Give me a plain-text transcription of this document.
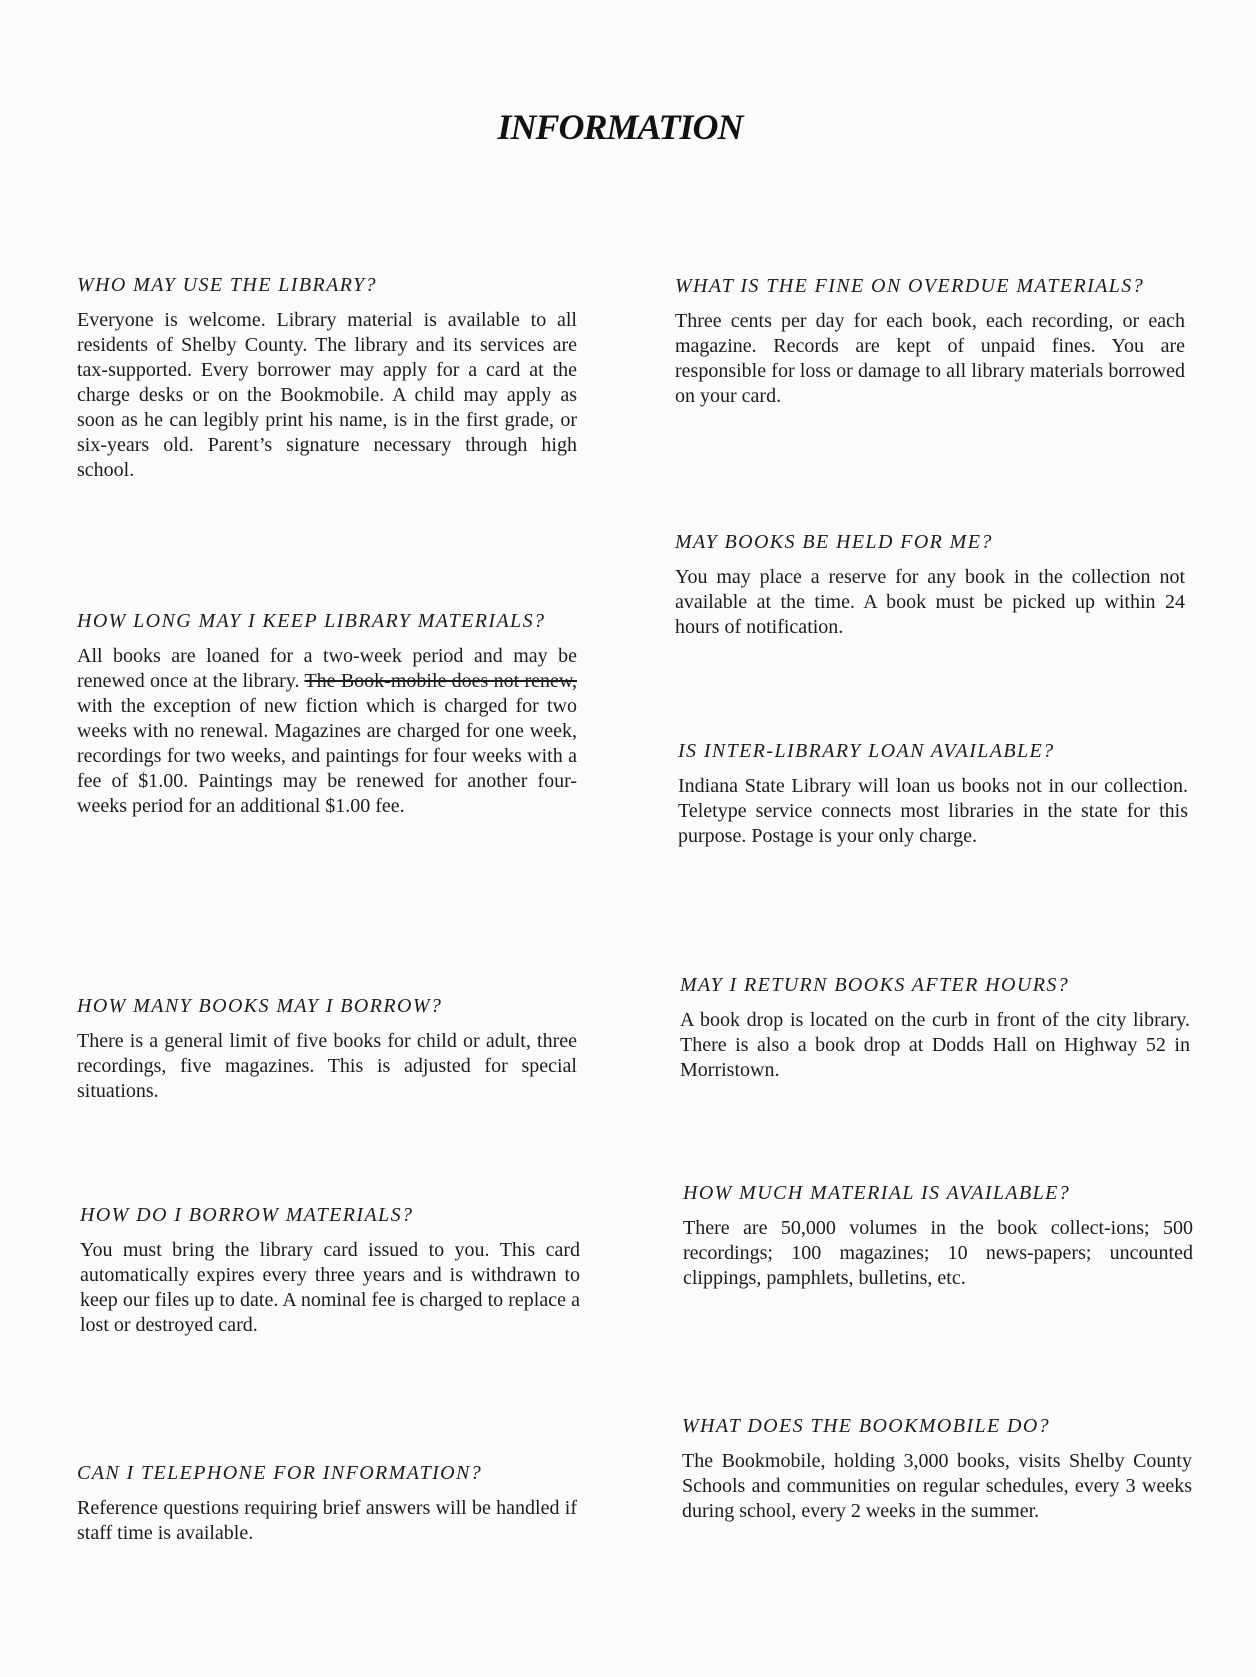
INFORMATION
WHO MAY USE THE LIBRARY?
Everyone is welcome. Library material is available to all residents of Shelby County. The library and its services are tax-supported. Every borrower may apply for a card at the charge desks or on the Bookmobile. A child may apply as soon as he can legibly print his name, is in the first grade, or six-years old. Parent’s signature necessary through high school.
HOW LONG MAY I KEEP LIBRARY MATERIALS?
All books are loaned for a two-week period and may be renewed once at the library. The Book-mobile does not renew, with the exception of new fiction which is charged for two weeks with no renewal. Magazines are charged for one week, recordings for two weeks, and paintings for four weeks with a fee of $1.00. Paintings may be renewed for another four-weeks period for an additional $1.00 fee.
HOW MANY BOOKS MAY I BORROW?
There is a general limit of five books for child or adult, three recordings, five magazines. This is adjusted for special situations.
HOW DO I BORROW MATERIALS?
You must bring the library card issued to you. This card automatically expires every three years and is withdrawn to keep our files up to date. A nominal fee is charged to replace a lost or destroyed card.
CAN I TELEPHONE FOR INFORMATION?
Reference questions requiring brief answers will be handled if staff time is available.
WHAT IS THE FINE ON OVERDUE MATERIALS?
Three cents per day for each book, each recording, or each magazine. Records are kept of unpaid fines. You are responsible for loss or damage to all library materials borrowed on your card.
MAY BOOKS BE HELD FOR ME?
You may place a reserve for any book in the collection not available at the time. A book must be picked up within 24 hours of notification.
IS INTER-LIBRARY LOAN AVAILABLE?
Indiana State Library will loan us books not in our collection. Teletype service connects most libraries in the state for this purpose. Postage is your only charge.
MAY I RETURN BOOKS AFTER HOURS?
A book drop is located on the curb in front of the city library. There is also a book drop at Dodds Hall on Highway 52 in Morristown.
HOW MUCH MATERIAL IS AVAILABLE?
There are 50,000 volumes in the book collect-ions; 500 recordings; 100 magazines; 10 news-papers; uncounted clippings, pamphlets, bulletins, etc.
WHAT DOES THE BOOKMOBILE DO?
The Bookmobile, holding 3,000 books, visits Shelby County Schools and communities on regular schedules, every 3 weeks during school, every 2 weeks in the summer.
